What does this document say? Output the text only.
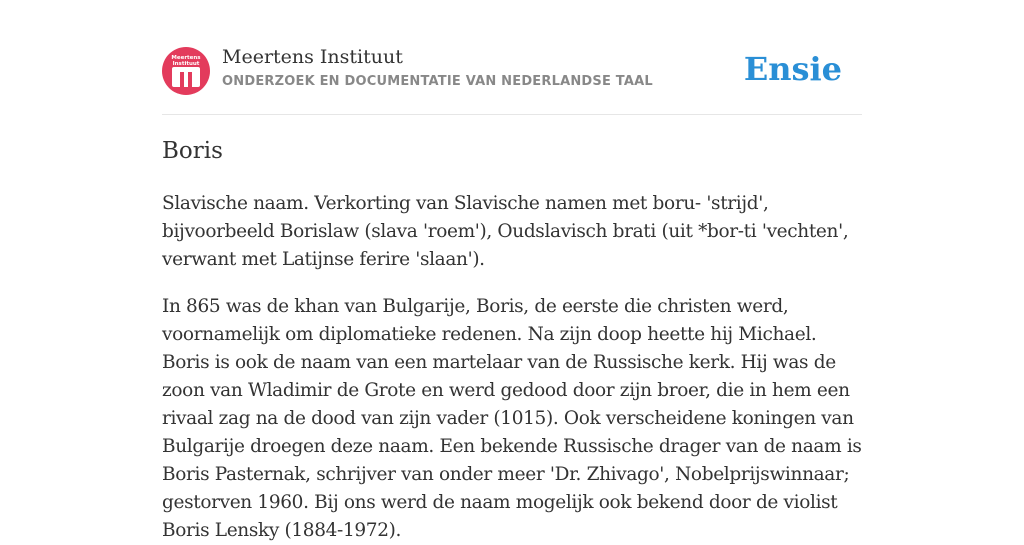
Meertens
Instituut	Meertens Instituut
ONDERZOEK EN DOCUMENTATIE VAN NEDERLANDSE TAAL	Ensie
Boris

Slavische naam. Verkorting van Slavische namen met boru- 'strijd', bijvoorbeeld Borislaw (slava 'roem'), Oudslavisch brati (uit *bor-ti 'vechten', verwant met Latijnse ferire 'slaan').

In 865 was de khan van Bulgarije, Boris, de eerste die christen werd, voornamelijk om diplomatieke redenen. Na zijn doop heette hij Michael. Boris is ook de naam van een martelaar van de Russische kerk. Hij was de zoon van Wladimir de Grote en werd gedood door zijn broer, die in hem een rivaal zag na de dood van zijn vader (1015). Ook verscheidene koningen van Bulgarije droegen deze naam. Een bekende Russische drager van de naam is Boris Pasternak, schrijver van onder meer 'Dr. Zhivago', Nobelprijswinnaar; gestorven 1960. Bij ons werd de naam mogelijk ook bekend door de violist Boris Lensky (1884-1972).
